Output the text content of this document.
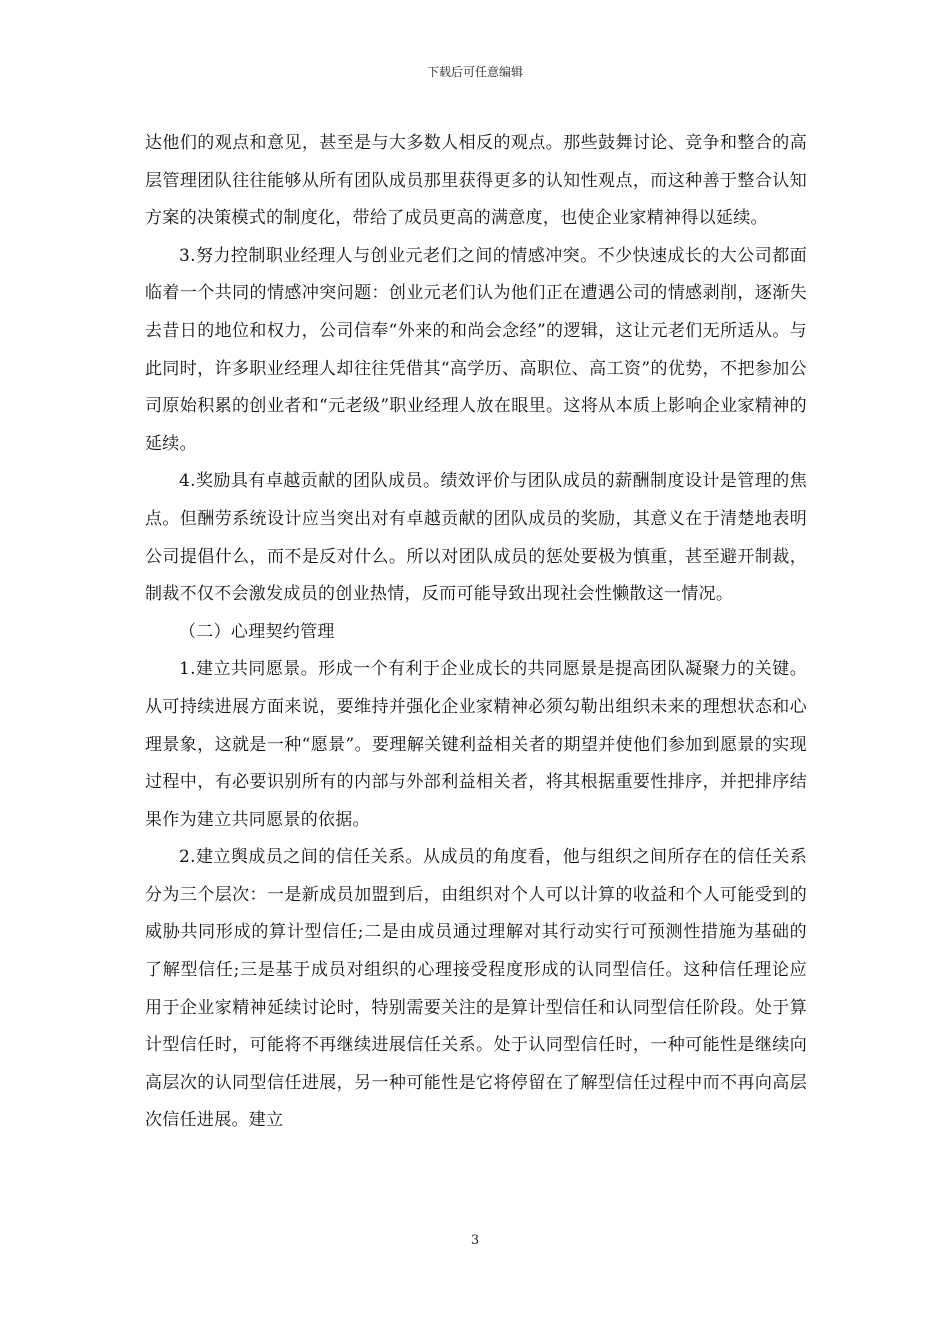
下载后可任意编辑

达他们的观点和意见，甚至是与大多数人相反的观点。那些鼓舞讨论、竞争和整合的高层管理团队往往能够从所有团队成员那里获得更多的认知性观点，而这种善于整合认知方案的决策模式的制度化，带给了成员更高的满意度，也使企业家精神得以延续。

3.努力控制职业经理人与创业元老们之间的情感冲突。不少快速成长的大公司都面临着一个共同的情感冲突问题：创业元老们认为他们正在遭遇公司的情感剥削，逐渐失去昔日的地位和权力，公司信奉“外来的和尚会念经”的逻辑，这让元老们无所适从。与此同时，许多职业经理人却往往凭借其“高学历、高职位、高工资”的优势，不把参加公司原始积累的创业者和“元老级”职业经理人放在眼里。这将从本质上影响企业家精神的延续。

4.奖励具有卓越贡献的团队成员。绩效评价与团队成员的薪酬制度设计是管理的焦点。但酬劳系统设计应当突出对有卓越贡献的团队成员的奖励，其意义在于清楚地表明公司提倡什么，而不是反对什么。所以对团队成员的惩处要极为慎重，甚至避开制裁，制裁不仅不会激发成员的创业热情，反而可能导致出现社会性懒散这一情况。

（二）心理契约管理

1.建立共同愿景。形成一个有利于企业成长的共同愿景是提高团队凝聚力的关键。从可持续进展方面来说，要维持并强化企业家精神必须勾勒出组织未来的理想状态和心理景象，这就是一种“愿景”。要理解关键利益相关者的期望并使他们参加到愿景的实现过程中，有必要识别所有的内部与外部利益相关者，将其根据重要性排序，并把排序结果作为建立共同愿景的依据。

2.建立舆成员之间的信任关系。从成员的角度看，他与组织之间所存在的信任关系分为三个层次：一是新成员加盟到后，由组织对个人可以计算的收益和个人可能受到的威胁共同形成的算计型信任;二是由成员通过理解对其行动实行可预测性措施为基础的了解型信任;三是基于成员对组织的心理接受程度形成的认同型信任。这种信任理论应用于企业家精神延续讨论时，特别需要关注的是算计型信任和认同型信任阶段。处于算计型信任时，可能将不再继续进展信任关系。处于认同型信任时，一种可能性是继续向高层次的认同型信任进展，另一种可能性是它将停留在了解型信任过程中而不再向高层次信任进展。建立

3
